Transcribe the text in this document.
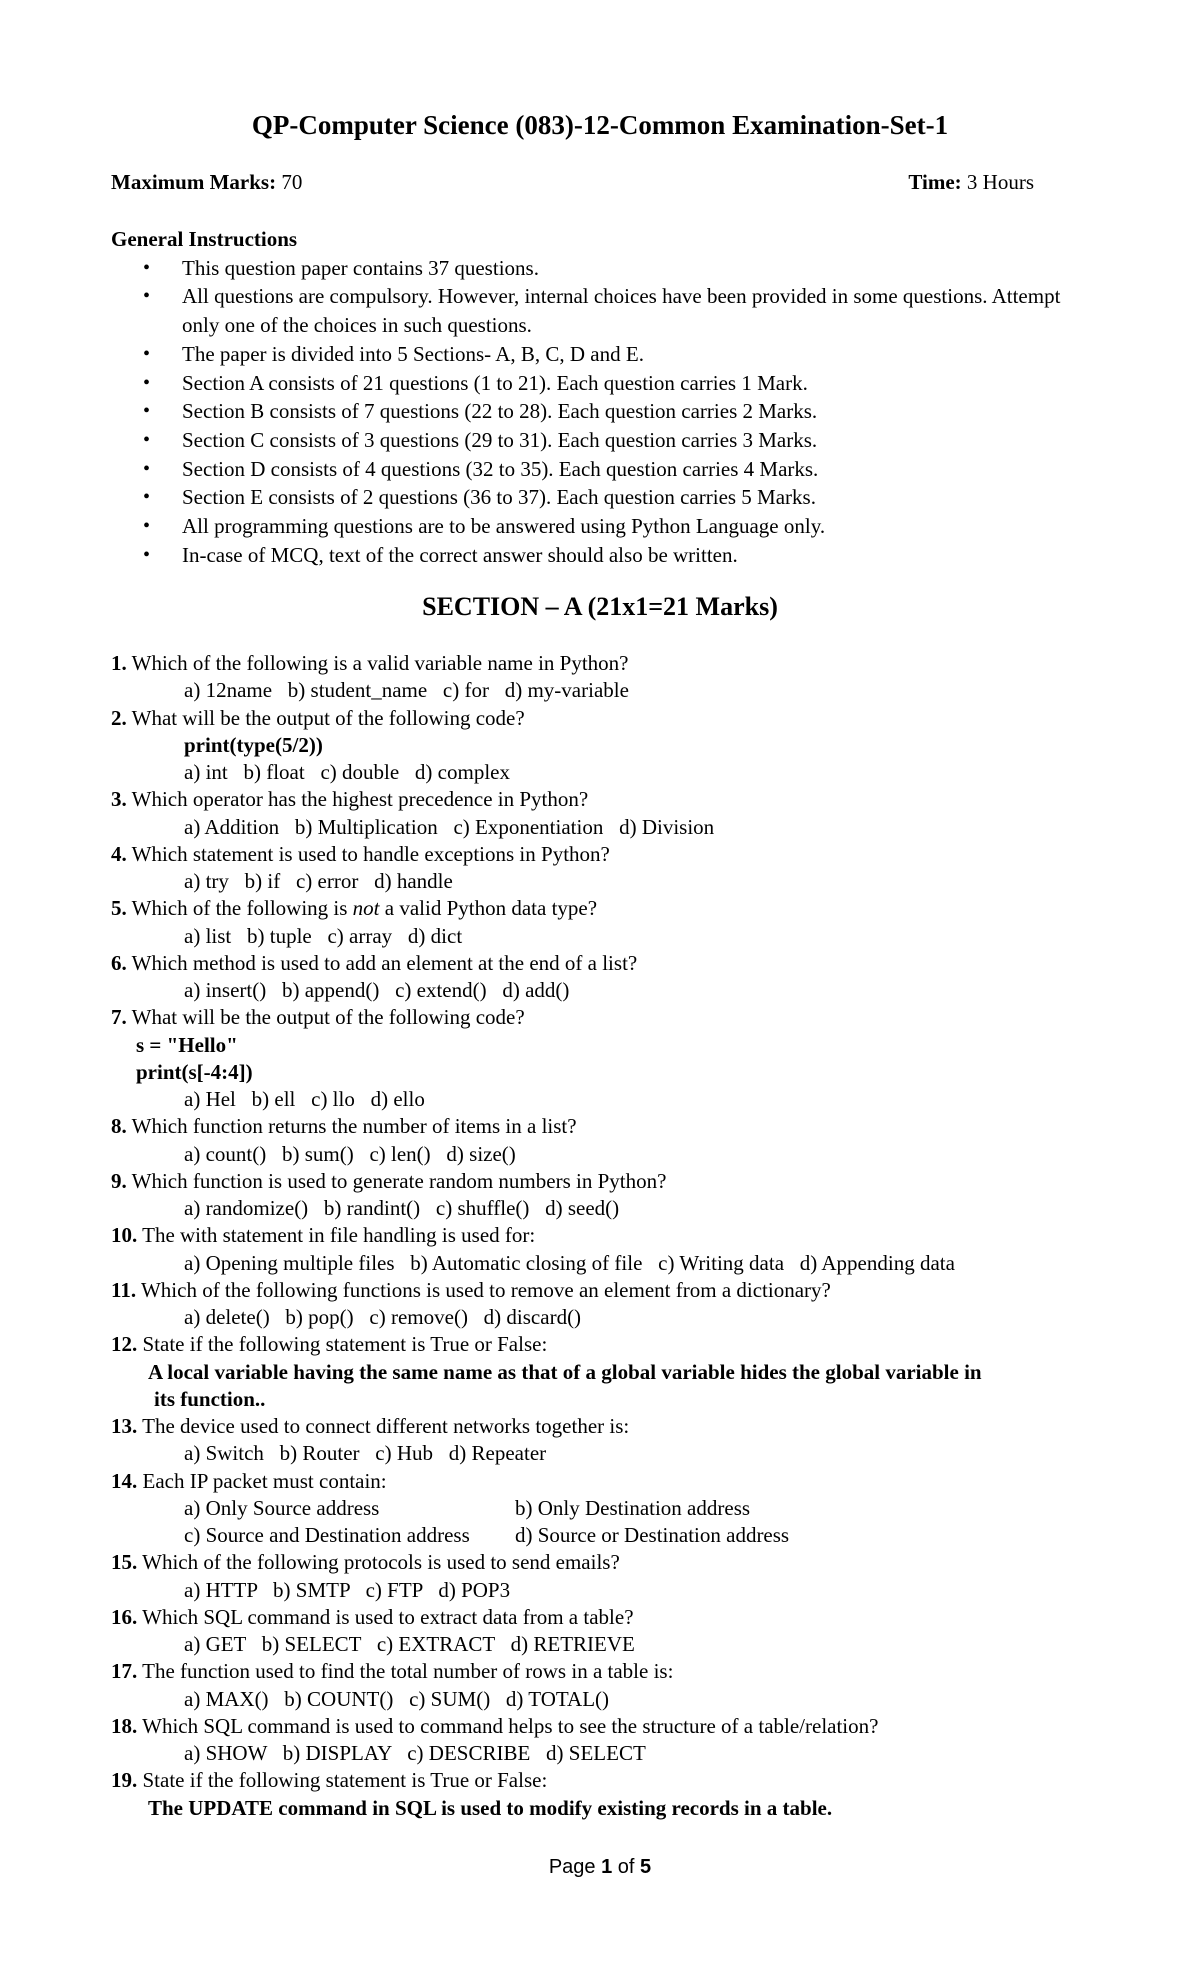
QP-Computer Science (083)-12-Common Examination-Set-1
Maximum Marks: 70	Time: 3 Hours
General Instructions
• This question paper contains 37 questions.
• All questions are compulsory. However, internal choices have been provided in some questions. Attempt only one of the choices in such questions.
• The paper is divided into 5 Sections- A, B, C, D and E.
• Section A consists of 21 questions (1 to 21). Each question carries 1 Mark.
• Section B consists of 7 questions (22 to 28). Each question carries 2 Marks.
• Section C consists of 3 questions (29 to 31). Each question carries 3 Marks.
• Section D consists of 4 questions (32 to 35). Each question carries 4 Marks.
• Section E consists of 2 questions (36 to 37). Each question carries 5 Marks.
• All programming questions are to be answered using Python Language only.
• In-case of MCQ, text of the correct answer should also be written.
SECTION – A (21x1=21 Marks)
1. Which of the following is a valid variable name in Python?
a) 12name   b) student_name   c) for   d) my-variable
2. What will be the output of the following code?
print(type(5/2))
a) int   b) float   c) double   d) complex
3. Which operator has the highest precedence in Python?
a) Addition   b) Multiplication   c) Exponentiation   d) Division
4. Which statement is used to handle exceptions in Python?
a) try   b) if   c) error   d) handle
5. Which of the following is not a valid Python data type?
a) list   b) tuple   c) array   d) dict
6. Which method is used to add an element at the end of a list?
a) insert()   b) append()   c) extend()   d) add()
7. What will be the output of the following code?
s = "Hello"
print(s[-4:4])
a) Hel   b) ell   c) llo   d) ello
8. Which function returns the number of items in a list?
a) count()   b) sum()   c) len()   d) size()
9. Which function is used to generate random numbers in Python?
a) randomize()   b) randint()   c) shuffle()   d) seed()
10. The with statement in file handling is used for:
a) Opening multiple files   b) Automatic closing of file   c) Writing data   d) Appending data
11. Which of the following functions is used to remove an element from a dictionary?
a) delete()   b) pop()   c) remove()   d) discard()
12. State if the following statement is True or False:
A local variable having the same name as that of a global variable hides the global variable in
its function..
13. The device used to connect different networks together is:
a) Switch   b) Router   c) Hub   d) Repeater
14. Each IP packet must contain:
a) Only Source address	b) Only Destination address
c) Source and Destination address	d) Source or Destination address
15. Which of the following protocols is used to send emails?
a) HTTP   b) SMTP   c) FTP   d) POP3
16. Which SQL command is used to extract data from a table?
a) GET   b) SELECT   c) EXTRACT   d) RETRIEVE
17. The function used to find the total number of rows in a table is:
a) MAX()   b) COUNT()   c) SUM()   d) TOTAL()
18. Which SQL command is used to command helps to see the structure of a table/relation?
a) SHOW   b) DISPLAY   c) DESCRIBE   d) SELECT
19. State if the following statement is True or False:
The UPDATE command in SQL is used to modify existing records in a table.
Page 1 of 5
